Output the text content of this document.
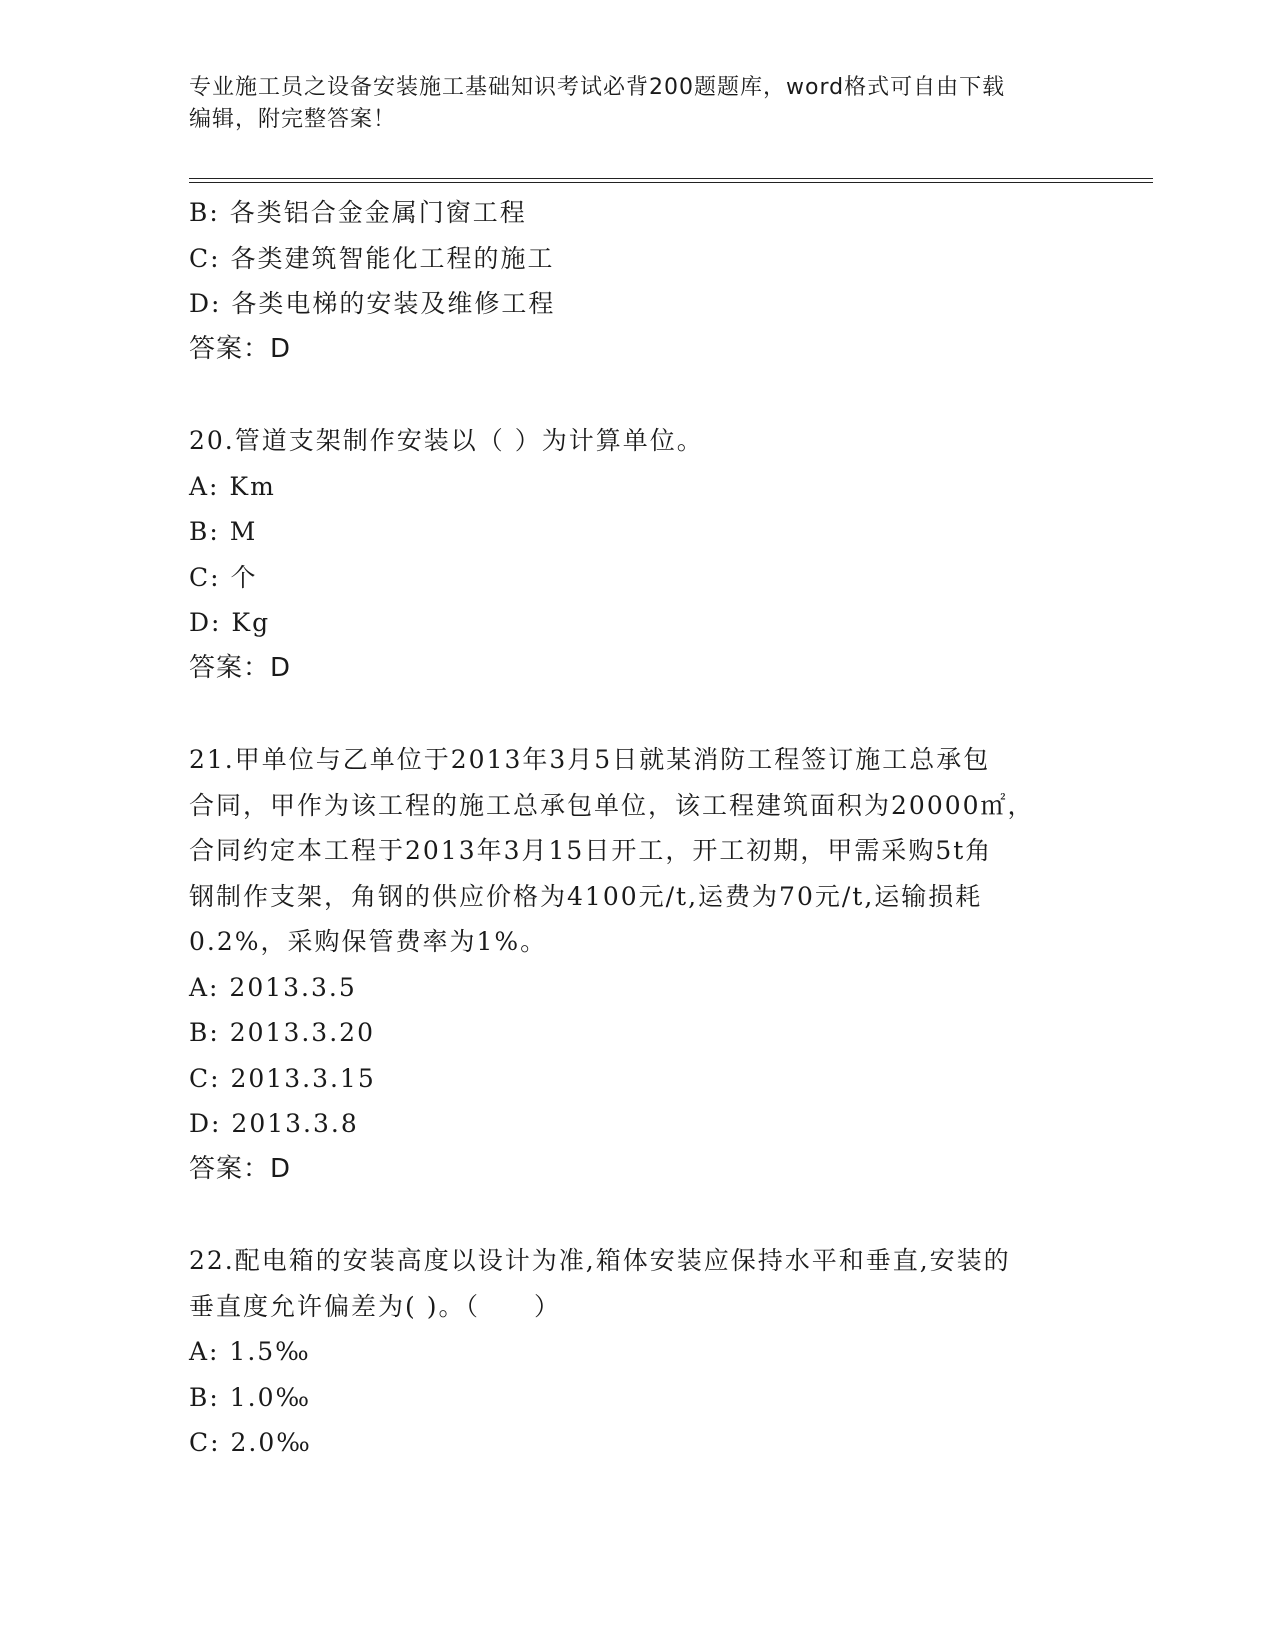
专业施工员之设备安装施工基础知识考试必背200题题库，word格式可自由下载
编辑，附完整答案！
B: 各类铝合金金属门窗工程
C: 各类建筑智能化工程的施工
D: 各类电梯的安装及维修工程
答案：D
20.管道支架制作安装以（ ）为计算单位。
A: Km
B: M
C: 个
D: Kg
答案：D
21.甲单位与乙单位于2013年3月5日就某消防工程签订施工总承包
合同，甲作为该工程的施工总承包单位，该工程建筑面积为20000㎡，
合同约定本工程于2013年3月15日开工，开工初期，甲需采购5t角
钢制作支架，角钢的供应价格为4100元/t,运费为70元/t,运输损耗
0.2%，采购保管费率为1%。
A: 2013.3.5
B: 2013.3.20
C: 2013.3.15
D: 2013.3.8
答案：D
22.配电箱的安装高度以设计为准,箱体安装应保持水平和垂直,安装的
垂直度允许偏差为( )。（　　）
A: 1.5‰
B: 1.0‰
C: 2.0‰
